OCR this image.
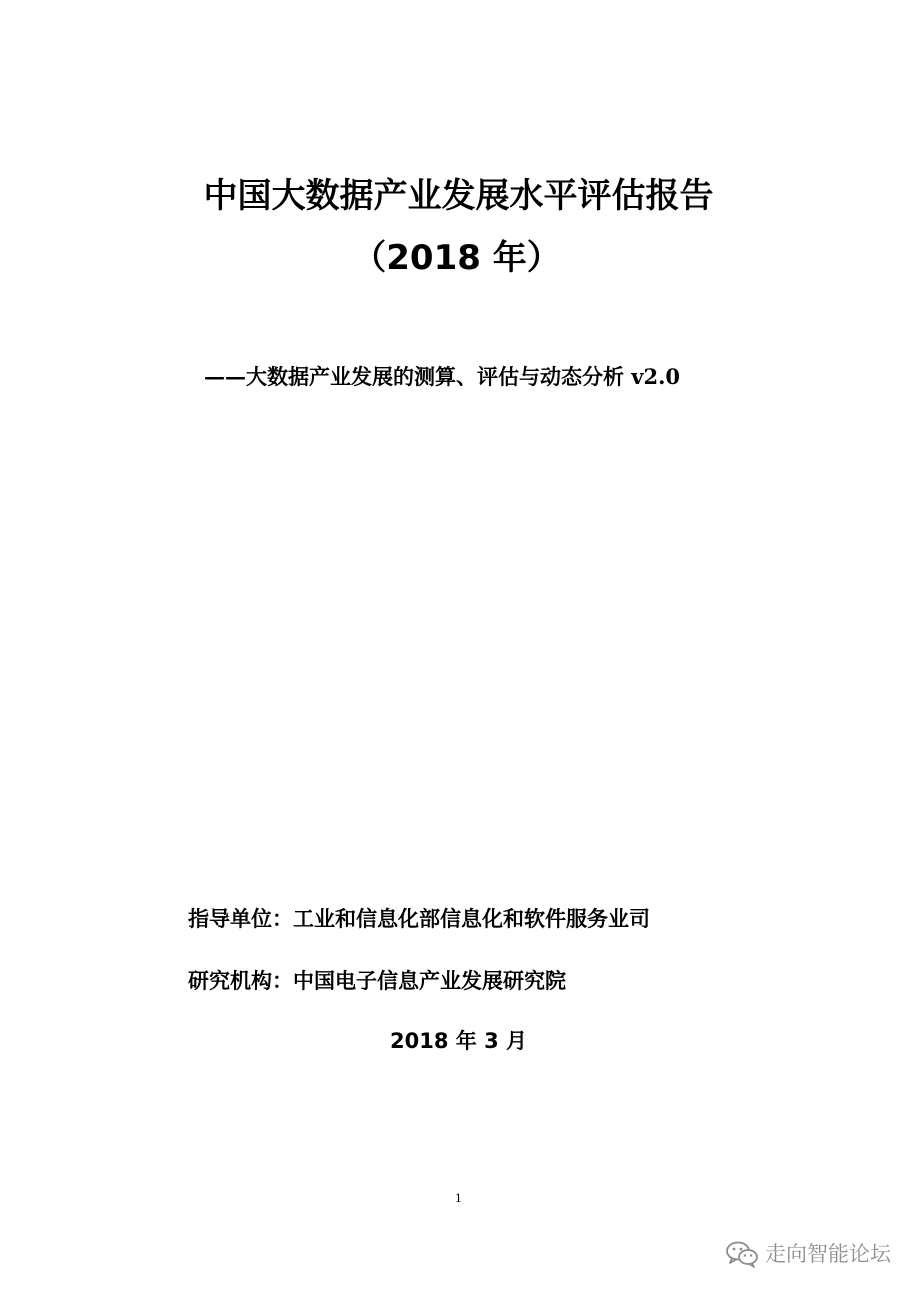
中国大数据产业发展水平评估报告
（2018 年）
——大数据产业发展的测算、评估与动态分析 v2.0
指导单位：工业和信息化部信息化和软件服务业司
研究机构：中国电子信息产业发展研究院
2018 年 3 月
1
走向智能论坛
